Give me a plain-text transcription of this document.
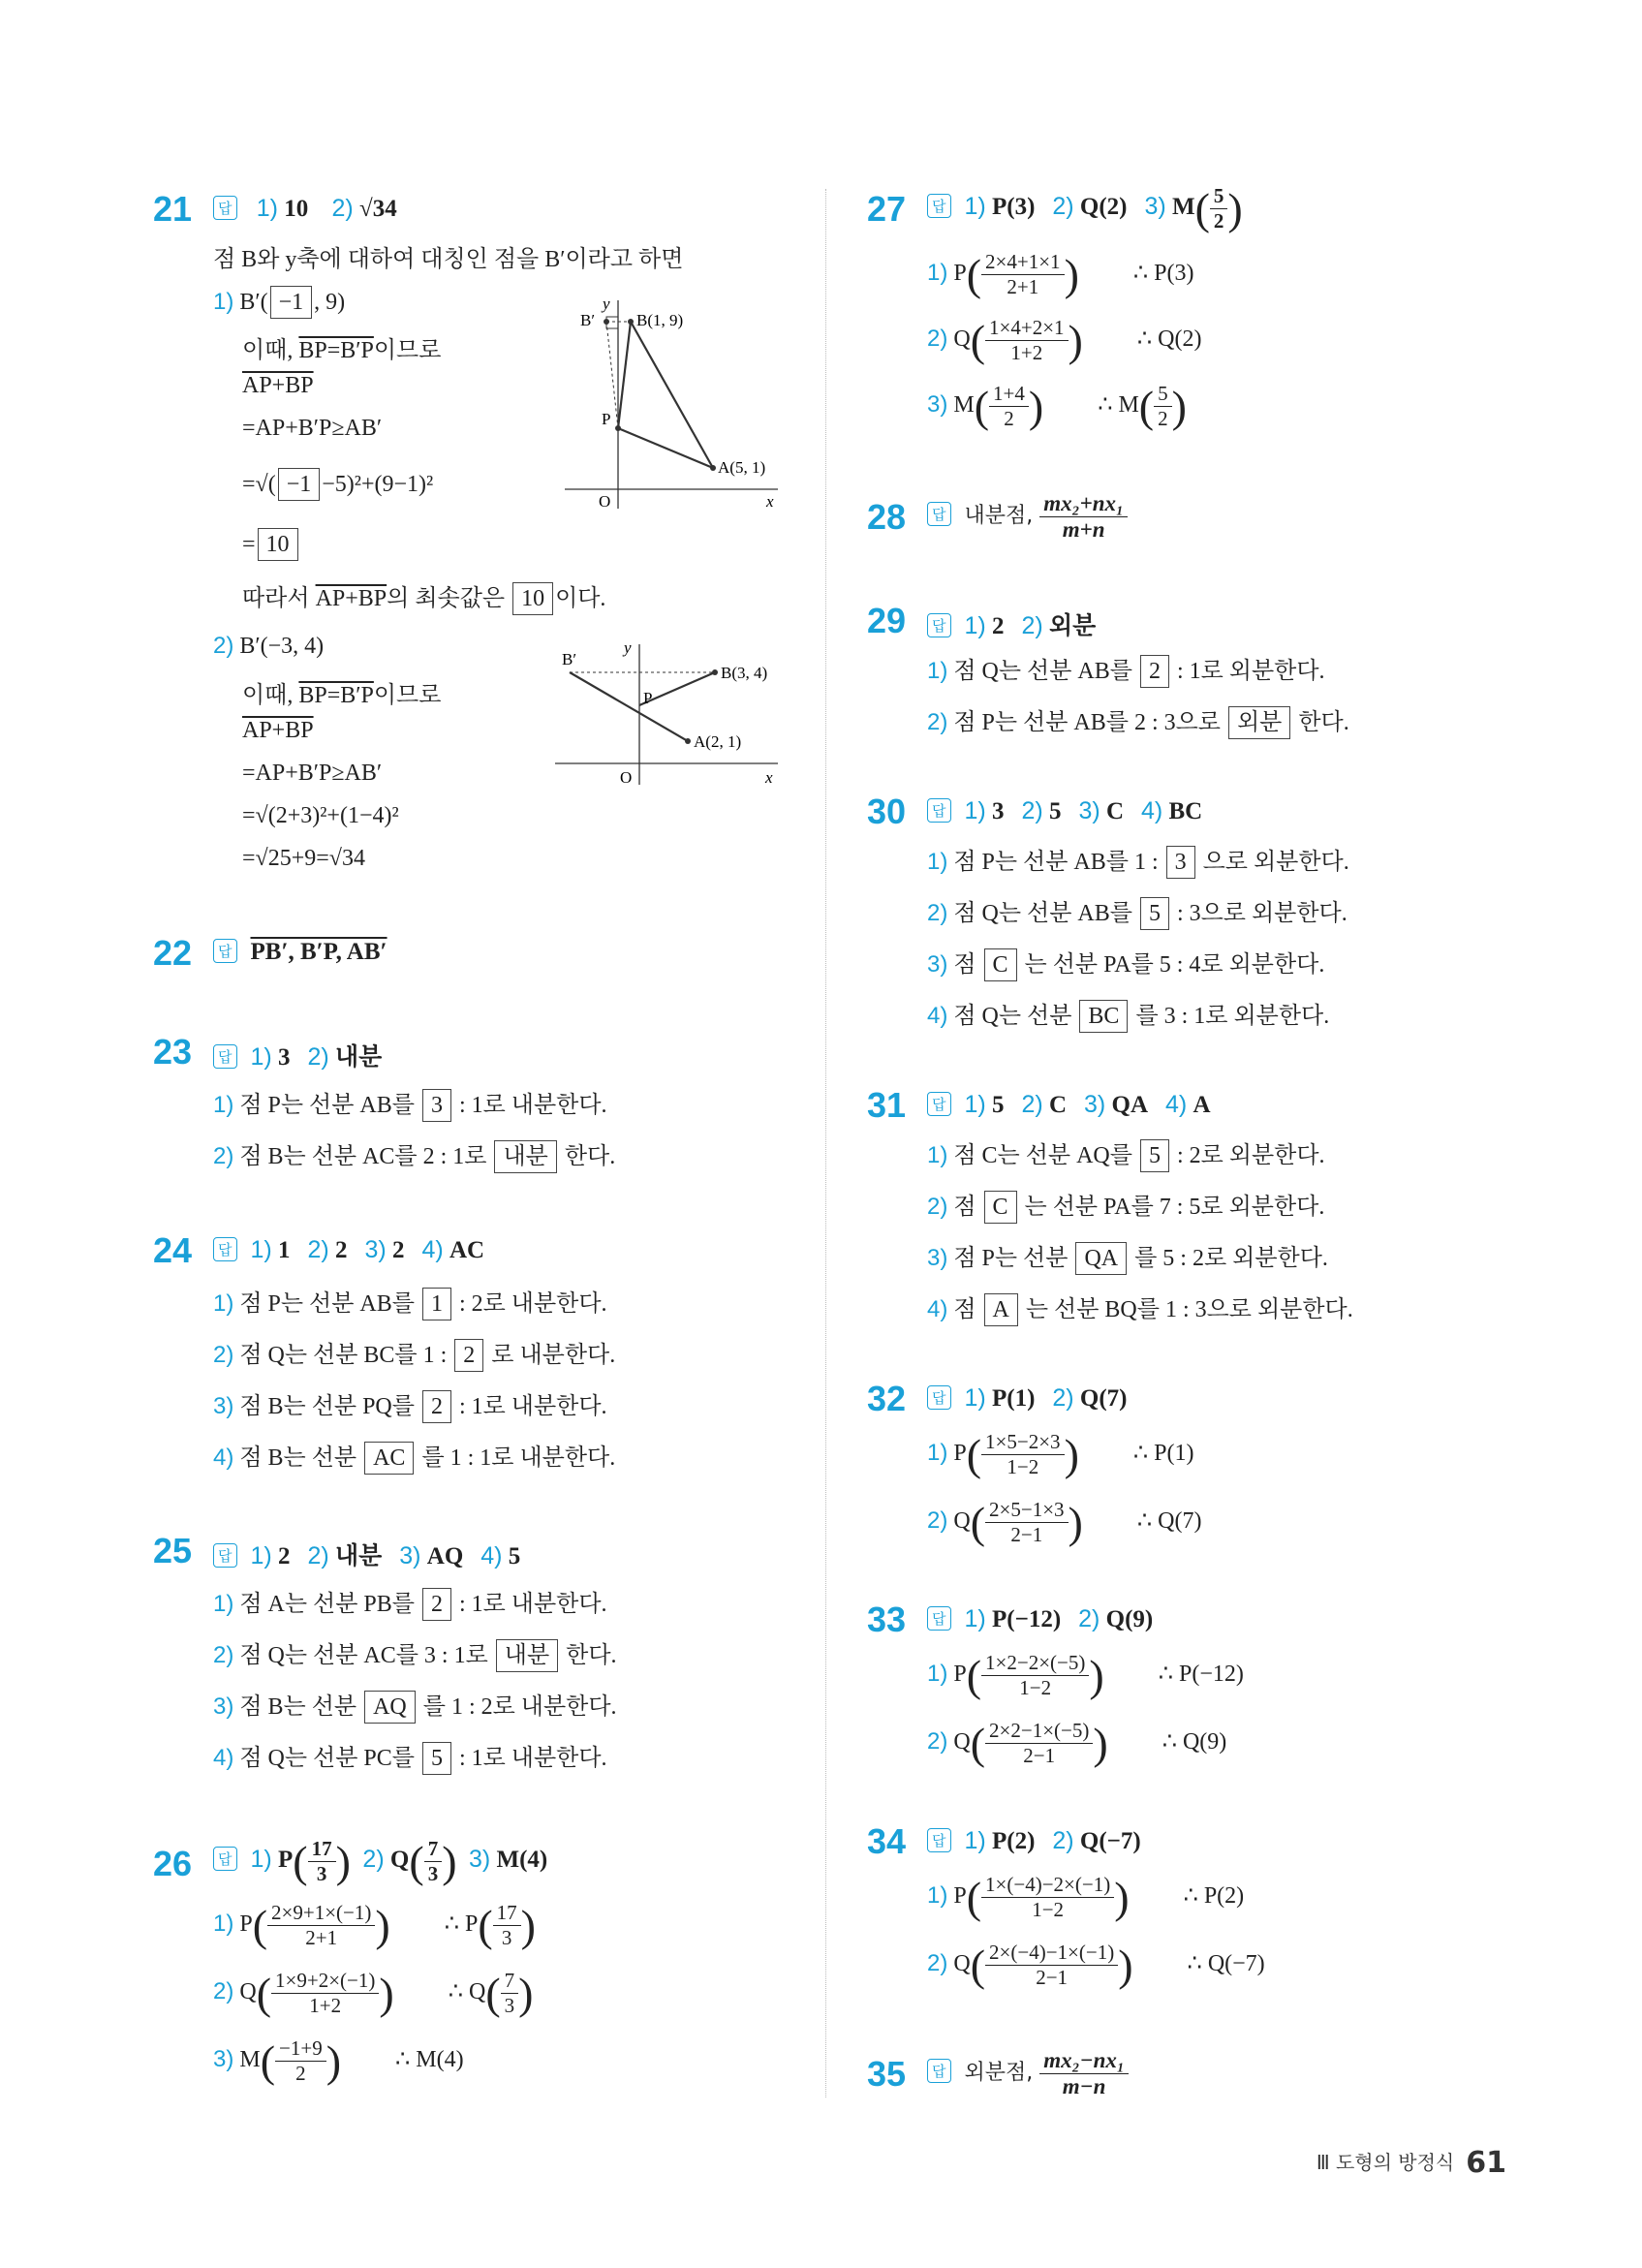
21	답 1) 10 2) √34
점 B와 y축에 대하여 대칭인 점을 B′이라고 하면
1) B′( −1 , 9)
이때, BP=B′P이므로
AP+BP
=AP+B′P≥AB′
=√( −1 −5)²+(9−1)²
= 10
따라서 AP+BP의 최솟값은 10 이다.
B′	B(1, 9)
P
A(5, 1)
O	x
y
2) B′(−3, 4)
이때, BP=B′P이므로
AP+BP
=AP+B′P≥AB′
=√(2+3)²+(1−4)²
=√25+9=√34
B′
B(3, 4)
P
A(2, 1)
O	x
y
22	답 PB′, B′P, AB′
23	답 1) 3 2) 내분
1) 점 P는 선분 AB를 3 : 1로 내분한다.
2) 점 B는 선분 AC를 2 : 1로 내분 한다.
24	답 1) 1 2) 2 3) 2 4) AC
1) 점 P는 선분 AB를 1 : 2로 내분한다.
2) 점 Q는 선분 BC를 1 : 2 로 내분한다.
3) 점 B는 선분 PQ를 2 : 1로 내분한다.
4) 점 B는 선분 AC 를 1 : 1로 내분한다.
25	답 1) 2 2) 내분 3) AQ 4) 5
1) 점 A는 선분 PB를 2 : 1로 내분한다.
2) 점 Q는 선분 AC를 3 : 1로 내분 한다.
3) 점 B는 선분 AQ 를 1 : 2로 내분한다.
4) 점 Q는 선분 PC를 5 : 1로 내분한다.
26	답 1) $P( \frac{17}{3}$ ) 2) $Q( \frac{7}{3}$ ) 3) M(4)
1) $P( \frac{2\times 9+1\times(-1)}{2+1}$ ) ∴ $P( \frac{17}{3}$ )
2) $Q( \frac{1\times 9+2\times(-1)}{1+2}$ ) ∴ $Q( \frac{7}{3}$ )
3) $M( \frac{-1+9}{2}$ ) ∴ M(4)
27	답 1) P(3) 2) Q(2) 3) $M( \frac{5}{2}$ )
1) $P( \frac{2\times 4+1\times 1}{2+1}$ ) ∴ P(3)
2) $Q( \frac{1\times 4+2\times 1}{1+2}$ ) ∴ Q(2)
3) $M( \frac{1+4}{2}$ ) ∴ $M( \frac{5}{2}$ )
28	답 내분점, $\frac{\text{mx₂+nx₁}}{m+n}$
29	답 1) 2 2) 외분
1) 점 Q는 선분 AB를 2 : 1로 외분한다.
2) 점 P는 선분 AB를 2 : 3으로 외분 한다.
30	답 1) 3 2) 5 3) C 4) BC
1) 점 P는 선분 AB를 1 : 3 으로 외분한다.
2) 점 Q는 선분 AB를 5 : 3으로 외분한다.
3) 점 C 는 선분 PA를 5 : 4로 외분한다.
4) 점 Q는 선분 BC 를 3 : 1로 외분한다.
31	답 1) 5 2) C 3) QA 4) A
1) 점 C는 선분 AQ를 5 : 2로 외분한다.
2) 점 C 는 선분 PA를 7 : 5로 외분한다.
3) 점 P는 선분 QA 를 5 : 2로 외분한다.
4) 점 A 는 선분 BQ를 1 : 3으로 외분한다.
32	답 1) P(1) 2) Q(7)
1) $P( \frac{1\times 5-2\times 3}{1-2}$ ) ∴ P(1)
2) $Q( \frac{2\times 5-1\times 3}{2-1}$ ) ∴ Q(7)
33	답 1) P(−12) 2) Q(9)
1) $P( \frac{1\times 2-2\times(-5)}{1-2}$ ) ∴ P(−12)
2) $Q( \frac{2\times 2-1\times(-5)}{2-1}$ ) ∴ Q(9)
34	답 1) P(2) 2) Q(−7)
1) $P( \frac{1\times(-4)-2\times(-1)}{1-2}$ ) ∴ P(2)
2) $Q( \frac{2\times(-4)-1\times(-1)}{2-1}$ ) ∴ Q(−7)
35	답 외분점, $\frac{\text{mx₂−nx₁}}{m-n}$
Ⅲ 도형의 방정식 61
